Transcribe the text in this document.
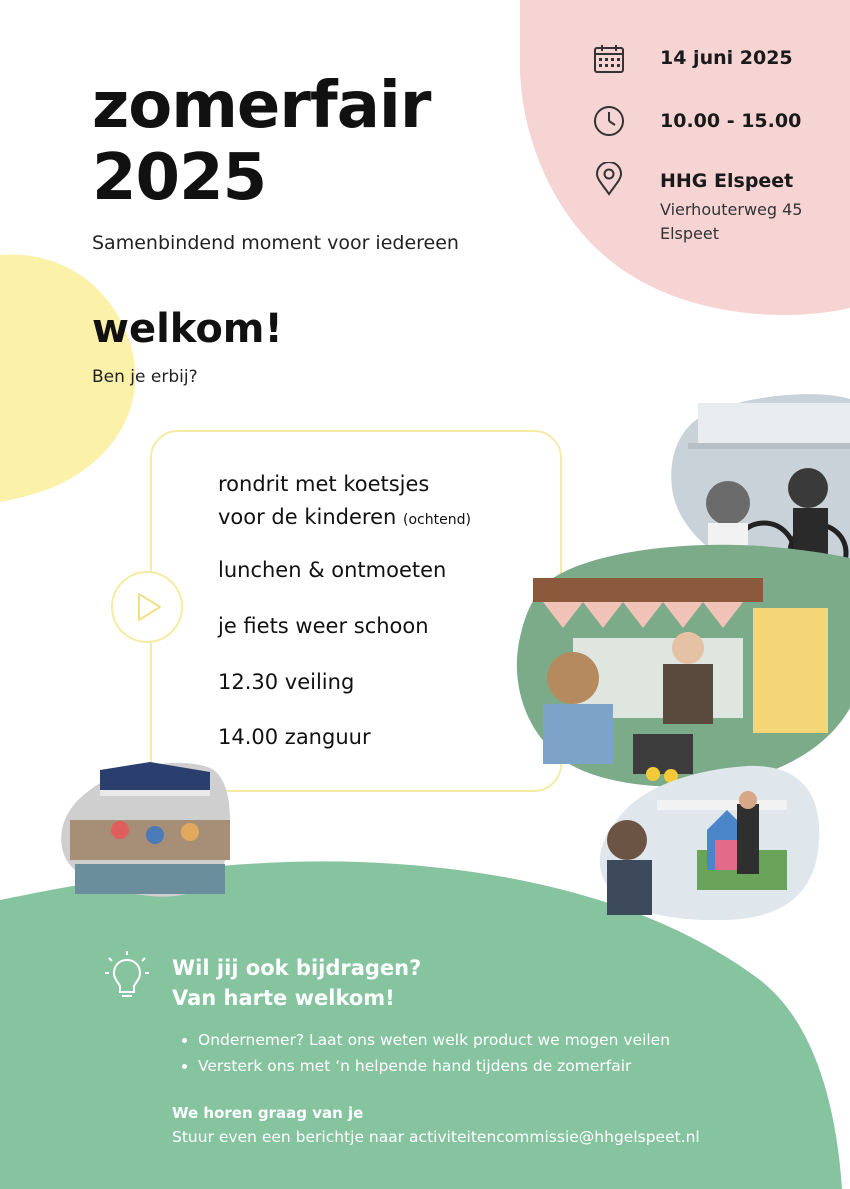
zomerfair
2025
Samenbindend moment voor iedereen
14 juni 2025
10.00 - 15.00
HHG Elspeet
Vierhouterweg 45
Elspeet
welkom!
Ben je erbij?
rondrit met koetsjes
voor de kinderen (ochtend)
lunchen & ontmoeten
je fiets weer schoon
12.30 veiling
14.00 zanguur
Wil jij ook bijdragen?
Van harte welkom!
• Ondernemer? Laat ons weten welk product we mogen veilen
• Versterk ons met ‘n helpende hand tijdens de zomerfair
We horen graag van je
Stuur even een berichtje naar activiteitencommissie@hhgelspeet.nl
